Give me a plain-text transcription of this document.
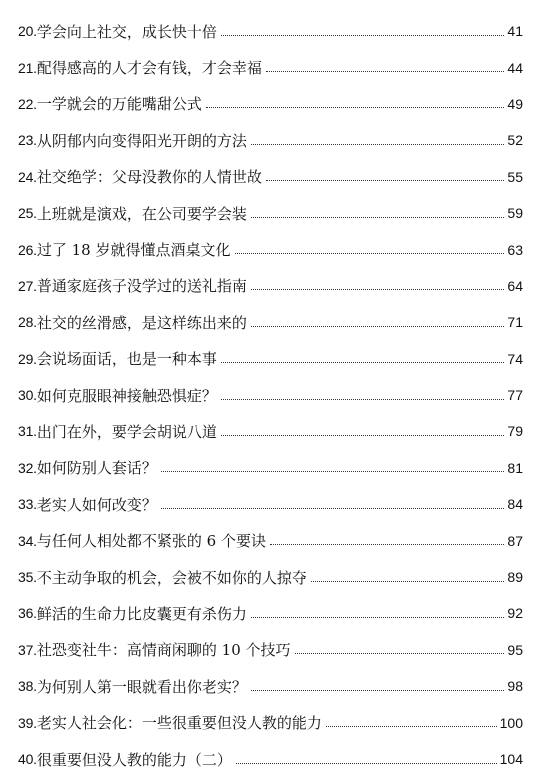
20. 学会向上社交，成长快十倍	41
21. 配得感高的人才会有钱，才会幸福	44
22. 一学就会的万能嘴甜公式	49
23. 从阴郁内向变得阳光开朗的方法	52
24. 社交绝学：父母没教你的人情世故	55
25. 上班就是演戏，在公司要学会装	59
26. 过了 18 岁就得懂点酒桌文化	63
27. 普通家庭孩子没学过的送礼指南	64
28. 社交的丝滑感，是这样练出来的	71
29. 会说场面话，也是一种本事	74
30. 如何克服眼神接触恐惧症？	77
31. 出门在外，要学会胡说八道	79
32. 如何防别人套话？	81
33. 老实人如何改变？	84
34. 与任何人相处都不紧张的 6 个要诀	87
35. 不主动争取的机会，会被不如你的人掠夺	89
36. 鲜活的生命力比皮囊更有杀伤力	92
37. 社恐变社牛：高情商闲聊的 10 个技巧	95
38. 为何别人第一眼就看出你老实？	98
39. 老实人社会化：一些很重要但没人教的能力	100
40. 很重要但没人教的能力（二）	104
